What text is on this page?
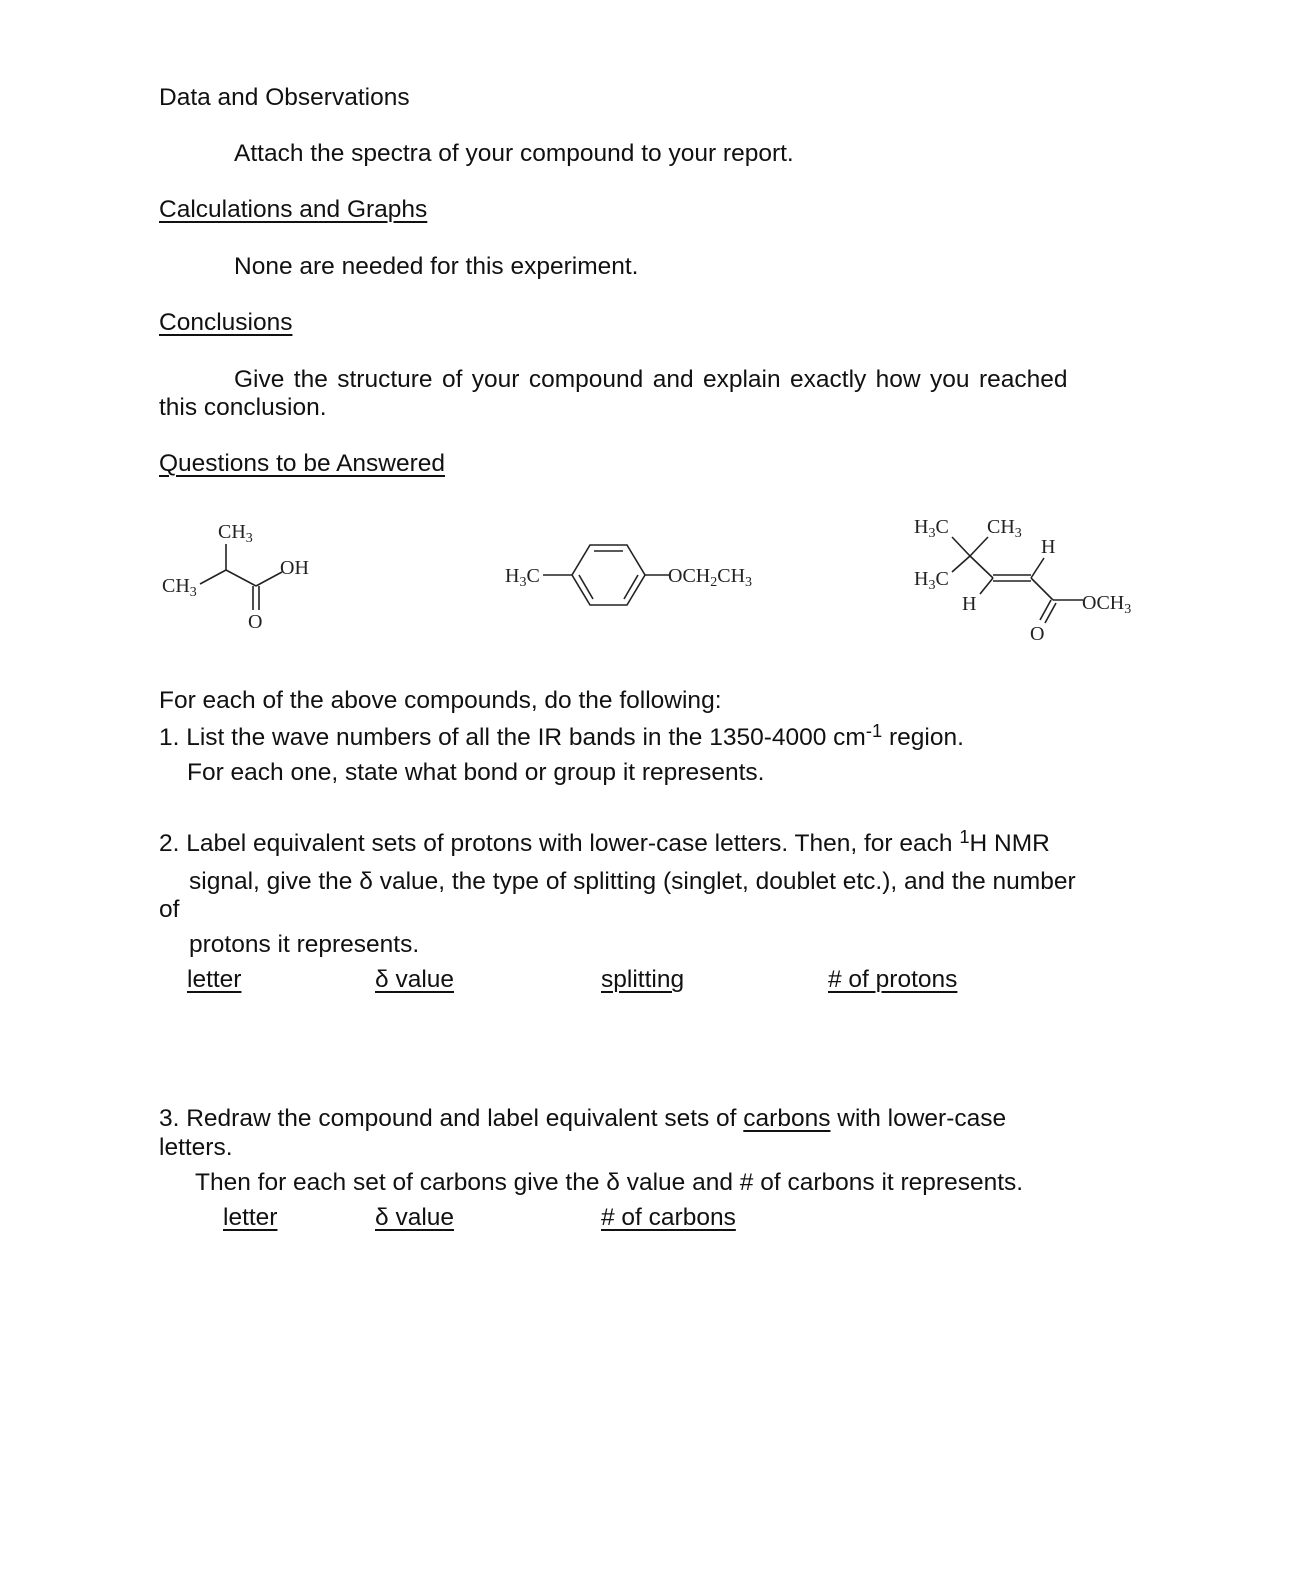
Data and Observations
Attach the spectra of your compound to your report.
Calculations and Graphs
None are needed for this experiment.
Conclusions
Give the structure of your compound and explain exactly how you reached
this conclusion.
Questions to be Answered
$CH_3$
$CH_3$
OH
O
$H_3C$	$OCH_2CH_3$
$H_3C$ $CH_3$
H
$H_3C$
H	$OCH_3$
O
For each of the above compounds, do the following:
1. List the wave numbers of all the IR bands in the 1350-4000 $cm^{-1}$ region.
For each one, state what bond or group it represents.
2. Label equivalent sets of protons with lower-case letters. Then, for each $^1$H NMR
signal, give the δ value, the type of splitting (singlet, doublet etc.), and the number
of
protons it represents.
letter	δ value	splitting	# of protons
3. Redraw the compound and label equivalent sets of carbons with lower-case
letters.
Then for each set of carbons give the δ value and # of carbons it represents.
letter	δ value	# of carbons
